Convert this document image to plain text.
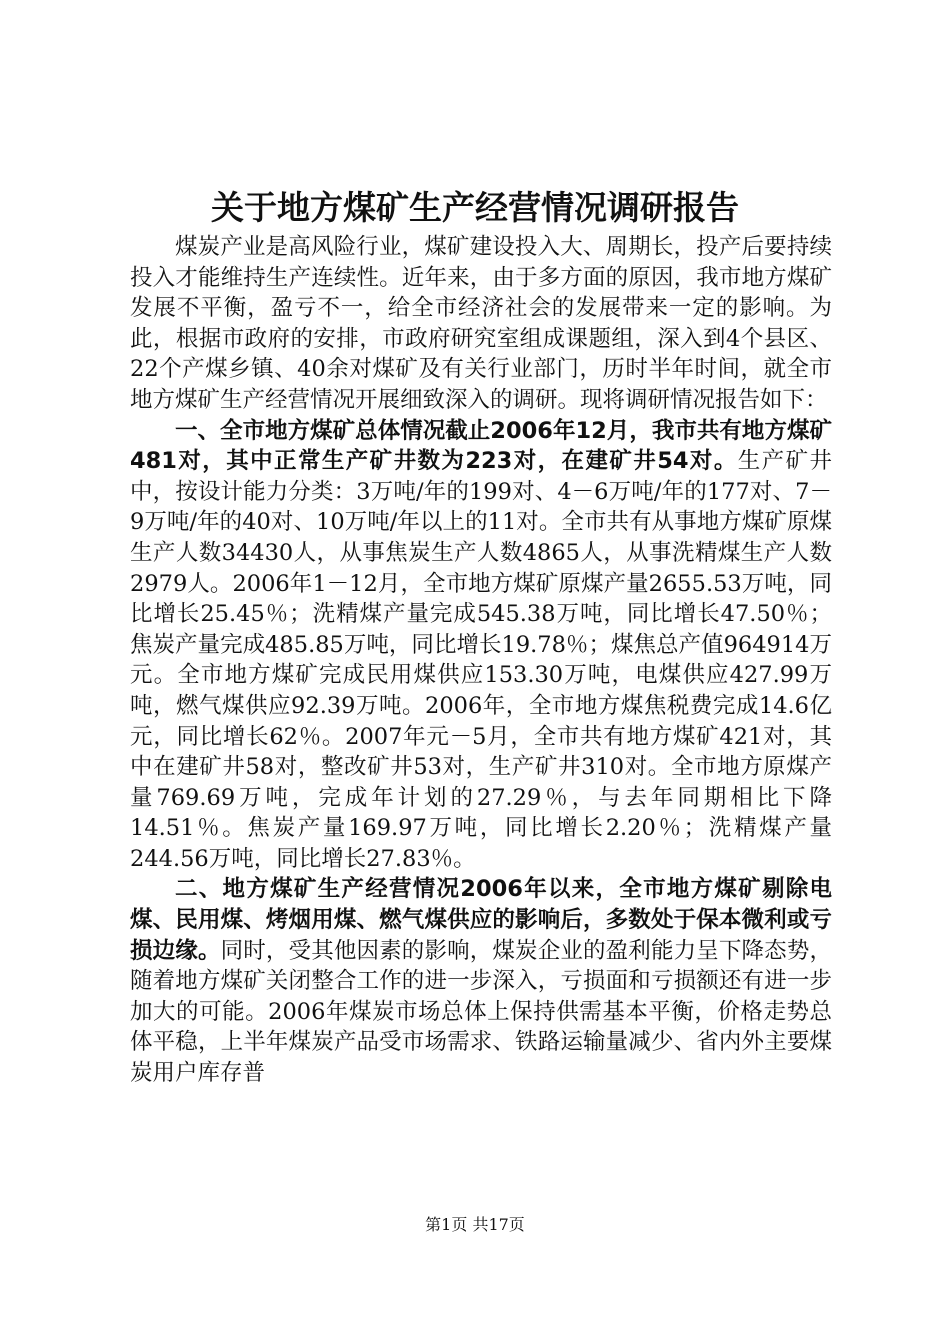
关于地方煤矿生产经营情况调研报告

煤炭产业是高风险行业，煤矿建设投入大、周期长，投产后要持续投入才能维持生产连续性。近年来，由于多方面的原因，我市地方煤矿发展不平衡，盈亏不一，给全市经济社会的发展带来一定的影响。为此，根据市政府的安排，市政府研究室组成课题组，深入到4个县区、22个产煤乡镇、40余对煤矿及有关行业部门，历时半年时间，就全市地方煤矿生产经营情况开展细致深入的调研。现将调研情况报告如下：

一、全市地方煤矿总体情况截止2006年12月，我市共有地方煤矿481对，其中正常生产矿井数为223对，在建矿井54对。生产矿井中，按设计能力分类：3万吨/年的199对、4－6万吨/年的177对、7－9万吨/年的40对、10万吨/年以上的11对。全市共有从事地方煤矿原煤生产人数34430人，从事焦炭生产人数4865人，从事洗精煤生产人数2979人。2006年1－12月，全市地方煤矿原煤产量2655.53万吨，同比增长25.45％；洗精煤产量完成545.38万吨，同比增长47.50％；焦炭产量完成485.85万吨，同比增长19.78％；煤焦总产值964914万元。全市地方煤矿完成民用煤供应153.30万吨，电煤供应427.99万吨，燃气煤供应92.39万吨。2006年，全市地方煤焦税费完成14.6亿元，同比增长62％。2007年元－5月，全市共有地方煤矿421对，其中在建矿井58对，整改矿井53对，生产矿井310对。全市地方原煤产量769.69万吨，完成年计划的27.29％，与去年同期相比下降14.51％。焦炭产量169.97万吨，同比增长2.20％；洗精煤产量244.56万吨，同比增长27.83％。

二、地方煤矿生产经营情况2006年以来，全市地方煤矿剔除电煤、民用煤、烤烟用煤、燃气煤供应的影响后，多数处于保本微利或亏损边缘。同时，受其他因素的影响，煤炭企业的盈利能力呈下降态势，随着地方煤矿关闭整合工作的进一步深入，亏损面和亏损额还有进一步加大的可能。2006年煤炭市场总体上保持供需基本平衡，价格走势总体平稳，上半年煤炭产品受市场需求、铁路运输量减少、省内外主要煤炭用户库存普

第1页 共17页
